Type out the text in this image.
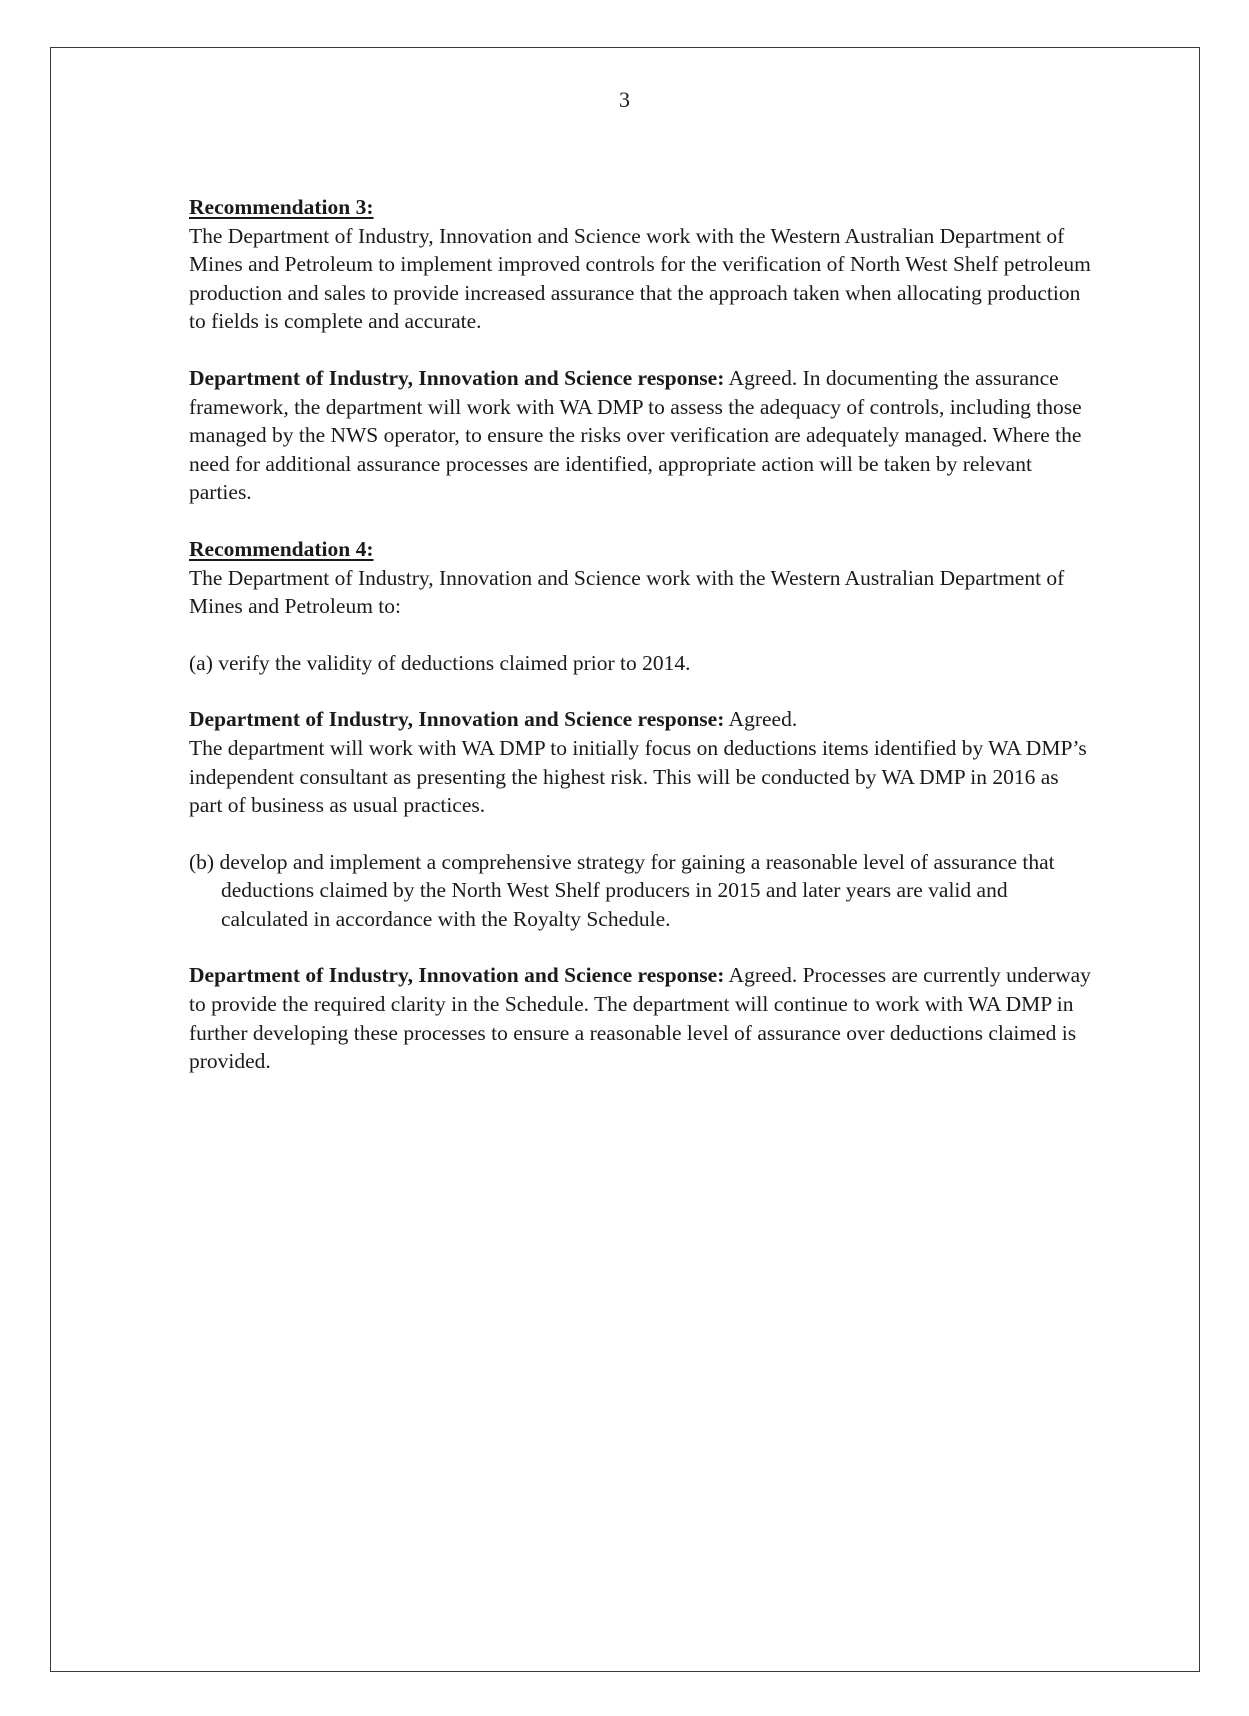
3

Recommendation 3:

The Department of Industry, Innovation and Science work with the Western Australian Department of Mines and Petroleum to implement improved controls for the verification of North West Shelf petroleum production and sales to provide increased assurance that the approach taken when allocating production to fields is complete and accurate.

Department of Industry, Innovation and Science response: Agreed. In documenting the assurance framework, the department will work with WA DMP to assess the adequacy of controls, including those managed by the NWS operator, to ensure the risks over verification are adequately managed. Where the need for additional assurance processes are identified, appropriate action will be taken by relevant parties.

Recommendation 4:

The Department of Industry, Innovation and Science work with the Western Australian Department of Mines and Petroleum to:

(a) verify the validity of deductions claimed prior to 2014.

Department of Industry, Innovation and Science response: Agreed.

The department will work with WA DMP to initially focus on deductions items identified by WA DMP’s independent consultant as presenting the highest risk. This will be conducted by WA DMP in 2016 as part of business as usual practices.

(b) develop and implement a comprehensive strategy for gaining a reasonable level of assurance that deductions claimed by the North West Shelf producers in 2015 and later years are valid and calculated in accordance with the Royalty Schedule.

Department of Industry, Innovation and Science response: Agreed. Processes are currently underway to provide the required clarity in the Schedule. The department will continue to work with WA DMP in further developing these processes to ensure a reasonable level of assurance over deductions claimed is provided.
